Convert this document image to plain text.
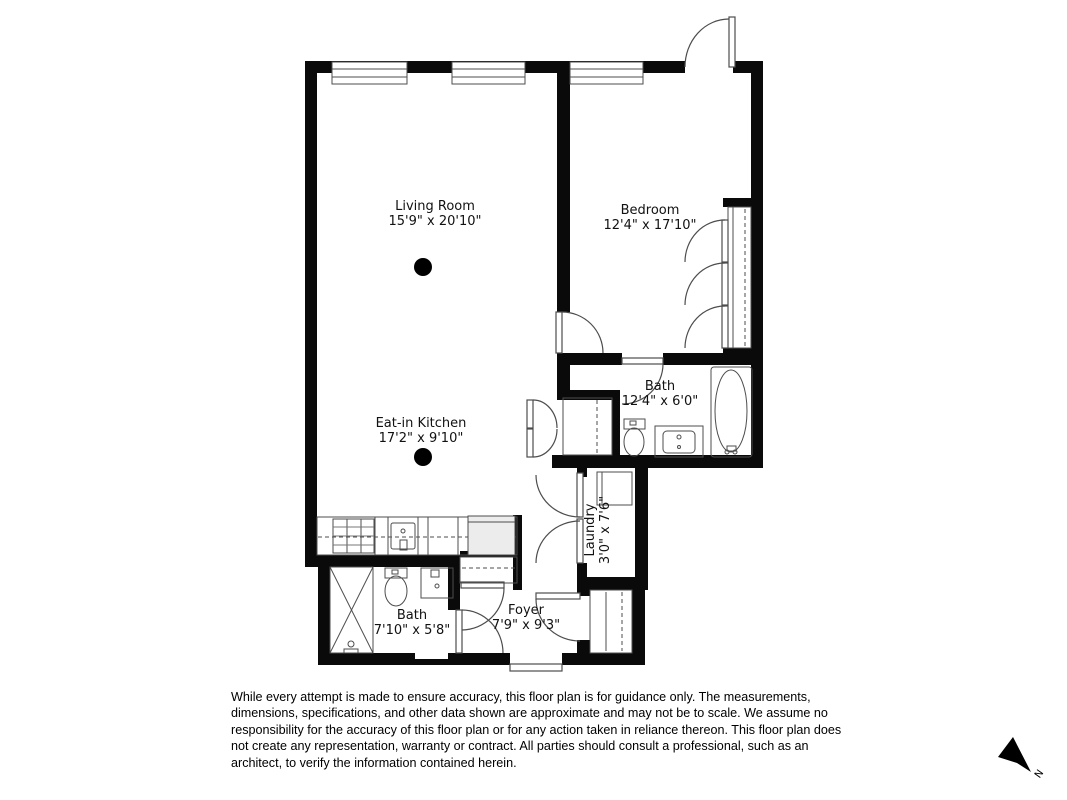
N
Living Room
15'9" x 20'10"
Bedroom
12'4" x 17'10"
Bath
12'4" x 6'0"
Eat-in Kitchen
17'2" x 9'10"
Laundry 3'0" x 7'6"
Bath
7'10" x 5'8"
Foyer
7'9" x 9'3"
While every attempt is made to ensure accuracy, this floor plan is for guidance only. The measurements,
dimensions, specifications, and other data shown are approximate and may not be to scale. We assume no
responsibility for the accuracy of this floor plan or for any action taken in reliance thereon. This floor plan does
not create any representation, warranty or contract. All parties should consult a professional, such as an
architect, to verify the information contained herein.
